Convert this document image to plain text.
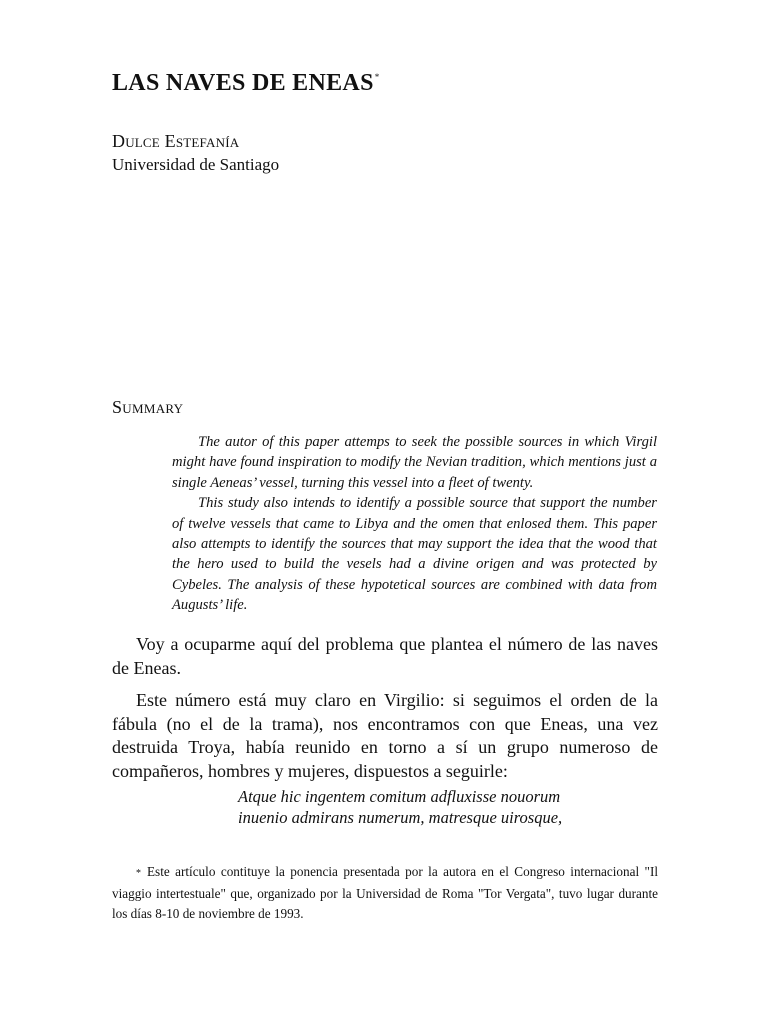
LAS NAVES DE ENEAS*
Dulce Estefanía
Universidad de Santiago
Summary

The autor of this paper attemps to seek the possible sources in which Virgil might have found inspiration to modify the Nevian tradition, which mentions just a single Aeneas’ vessel, turning this vessel into a fleet of twenty.

This study also intends to identify a possible source that support the number of twelve vessels that came to Libya and the omen that enlosed them. This paper also attempts to identify the sources that may support the idea that the wood that the hero used to build the vesels had a divine origen and was protected by Cybeles. The analysis of these hypotetical sources are combined with data from Augusts’ life.

Voy a ocuparme aquí del problema que plantea el número de las naves de Eneas.

Este número está muy claro en Virgilio: si seguimos el orden de la fábula (no el de la trama), nos encontramos con que Eneas, una vez destruida Troya, había reunido en torno a sí un grupo numeroso de compañeros, hombres y mujeres, dispuestos a seguirle:

Atque hic ingentem comitum adfluxisse nouorum
inuenio admirans numerum, matresque uirosque,
* Este artículo contituye la ponencia presentada por la autora en el Congreso internacional "Il viaggio intertestuale" que, organizado por la Universidad de Roma "Tor Vergata", tuvo lugar durante los días 8-10 de noviembre de 1993.
